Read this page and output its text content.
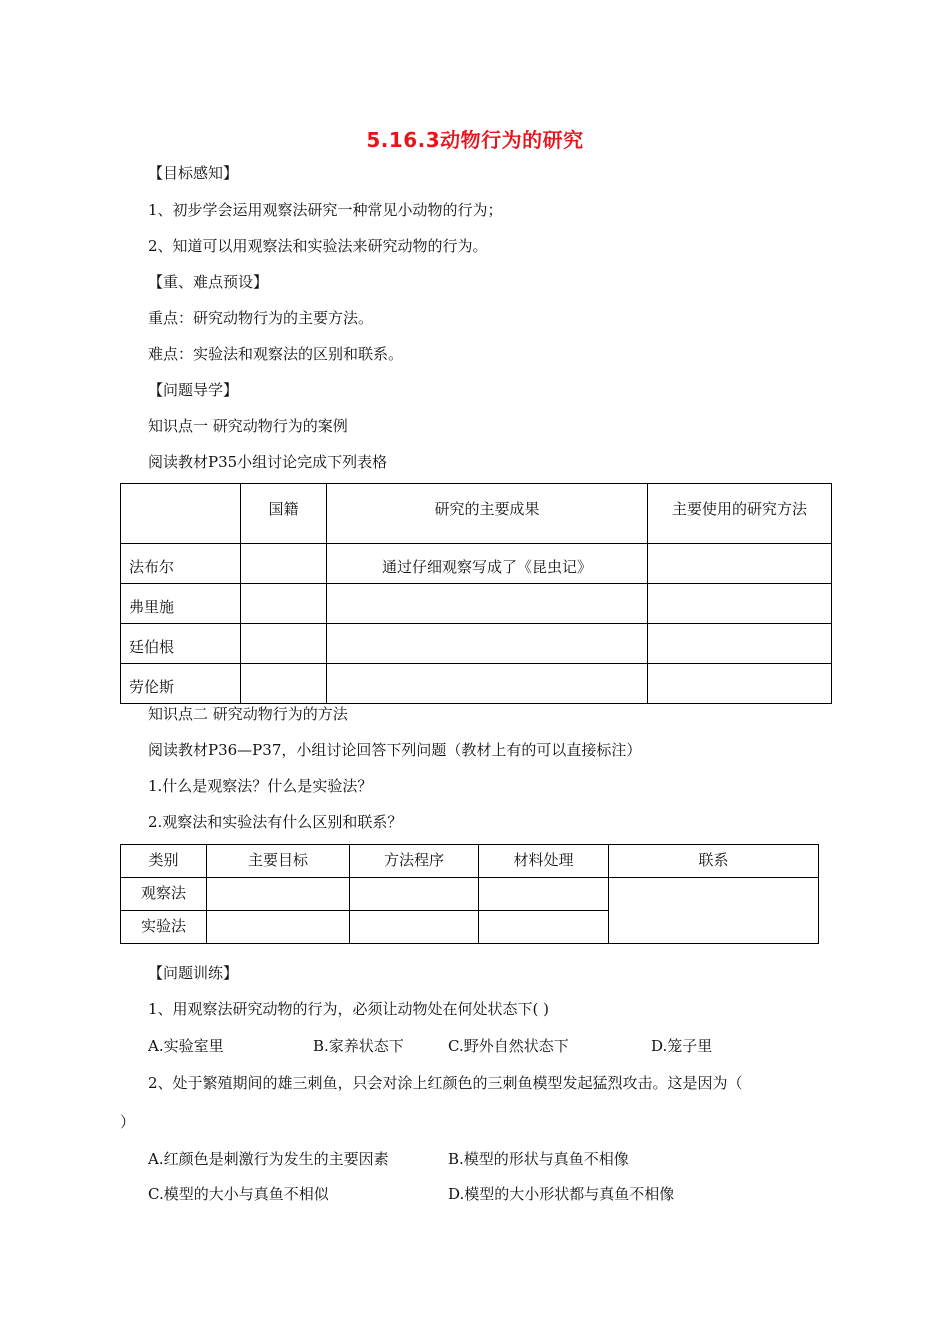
5.16.3动物行为的研究
【目标感知】
1、初步学会运用观察法研究一种常见小动物的行为；
2、知道可以用观察法和实验法来研究动物的行为。
【重、难点预设】
重点：研究动物行为的主要方法。
难点：实验法和观察法的区别和联系。
【问题导学】
知识点一 研究动物行为的案例
阅读教材P35小组讨论完成下列表格
	国籍	研究的主要成果	主要使用的研究方法
法布尔		通过仔细观察写成了《昆虫记》	
弗里施			
廷伯根			
劳伦斯			
知识点二 研究动物行为的方法
阅读教材P36—P37，小组讨论回答下列问题（教材上有的可以直接标注）
1.什么是观察法？什么是实验法？
2.观察法和实验法有什么区别和联系？
类别	主要目标	方法程序	材料处理	联系
观察法				
实验法				
【问题训练】
1、用观察法研究动物的行为，必须让动物处在何处状态下( )
A.实验室里	B.家养状态下	C.野外自然状态下	D.笼子里
2、处于繁殖期间的雄三刺鱼，只会对涂上红颜色的三刺鱼模型发起猛烈攻击。这是因为（
）
A.红颜色是刺激行为发生的主要因素	B.模型的形状与真鱼不相像
C.模型的大小与真鱼不相似	D.模型的大小形状都与真鱼不相像
